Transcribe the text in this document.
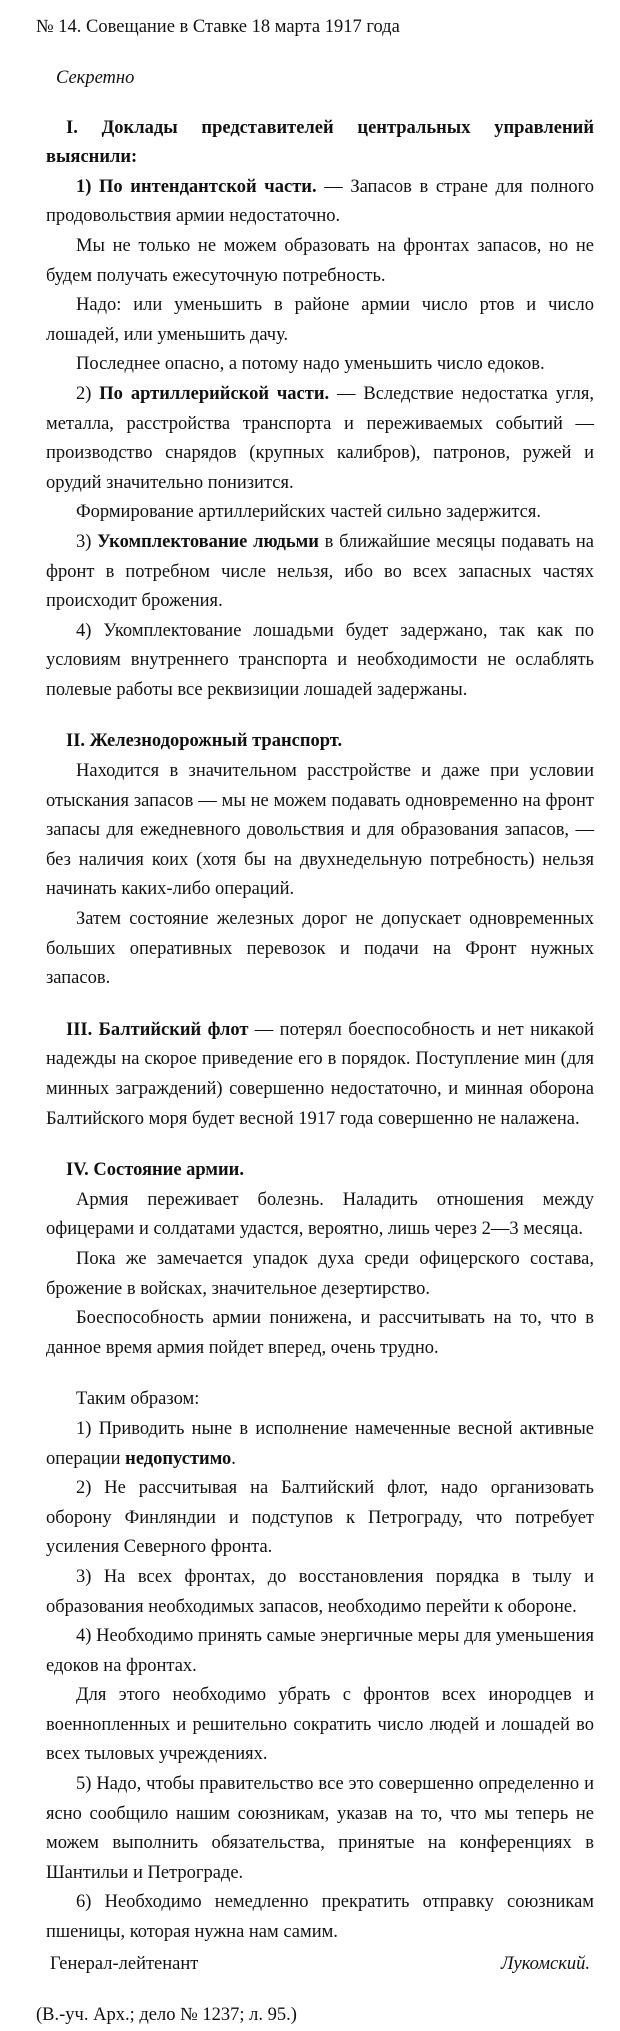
№ 14. Совещание в Ставке 18 марта 1917 года
Секретно

I. Доклады представителей центральных управлений выяснили:

1) По интендантской части. — Запасов в стране для полного продовольствия армии недостаточно.

Мы не только не можем образовать на фронтах запасов, но не будем получать ежесуточную потребность.

Надо: или уменьшить в районе армии число ртов и число лошадей, или уменьшить дачу.

Последнее опасно, а потому надо уменьшить число едоков.

2) По артиллерийской части. — Вследствие недостатка угля, металла, расстройства транспорта и переживаемых событий — производство снарядов (крупных калибров), патронов, ружей и орудий значительно понизится.

Формирование артиллерийских частей сильно задержится.

3) Укомплектование людьми в ближайшие месяцы подавать на фронт в потребном числе нельзя, ибо во всех запасных частях происходит брожения.

4) Укомплектование лошадьми будет задержано, так как по условиям внутреннего транспорта и необходимости не ослаблять полевые работы все реквизиции лошадей задержаны.

II. Железнодорожный транспорт.

Находится в значительном расстройстве и даже при условии отыскания запасов — мы не можем подавать одновременно на фронт запасы для ежедневного довольствия и для образования запасов, — без наличия коих (хотя бы на двухнедельную потребность) нельзя начинать каких-либо операций.

Затем состояние железных дорог не допускает одновременных больших оперативных перевозок и подачи на Фронт нужных запасов.

III. Балтийский флот — потерял боеспособность и нет никакой надежды на скорое приведение его в порядок. Поступление мин (для минных заграждений) совершенно недостаточно, и минная оборона Балтийского моря будет весной 1917 года совершенно не налажена.

IV. Состояние армии.

Армия переживает болезнь. Наладить отношения между офицерами и солдатами удастся, вероятно, лишь через 2—3 месяца.

Пока же замечается упадок духа среди офицерского состава, брожение в войсках, значительное дезертирство.

Боеспособность армии понижена, и рассчитывать на то, что в данное время армия пойдет вперед, очень трудно.

Таким образом:

1) Приводить ныне в исполнение намеченные весной активные операции недопустимо.

2) Не рассчитывая на Балтийский флот, надо организовать оборону Финляндии и подступов к Петрограду, что потребует усиления Северного фронта.

3) На всех фронтах, до восстановления порядка в тылу и образования необходимых запасов, необходимо перейти к обороне.

4) Необходимо принять самые энергичные меры для уменьшения едоков на фронтах.

Для этого необходимо убрать с фронтов всех инородцев и военнопленных и решительно сократить число людей и лошадей во всех тыловых учреждениях.

5) Надо, чтобы правительство все это совершенно определенно и ясно сообщило нашим союзникам, указав на то, что мы теперь не можем выполнить обязательства, принятые на конференциях в Шантильи и Петрограде.

6) Необходимо немедленно прекратить отправку союзникам пшеницы, которая нужна нам самим.

Генерал-лейтенант	Лукомский.
(В.-уч. Арх.; дело № 1237; л. 95.)
